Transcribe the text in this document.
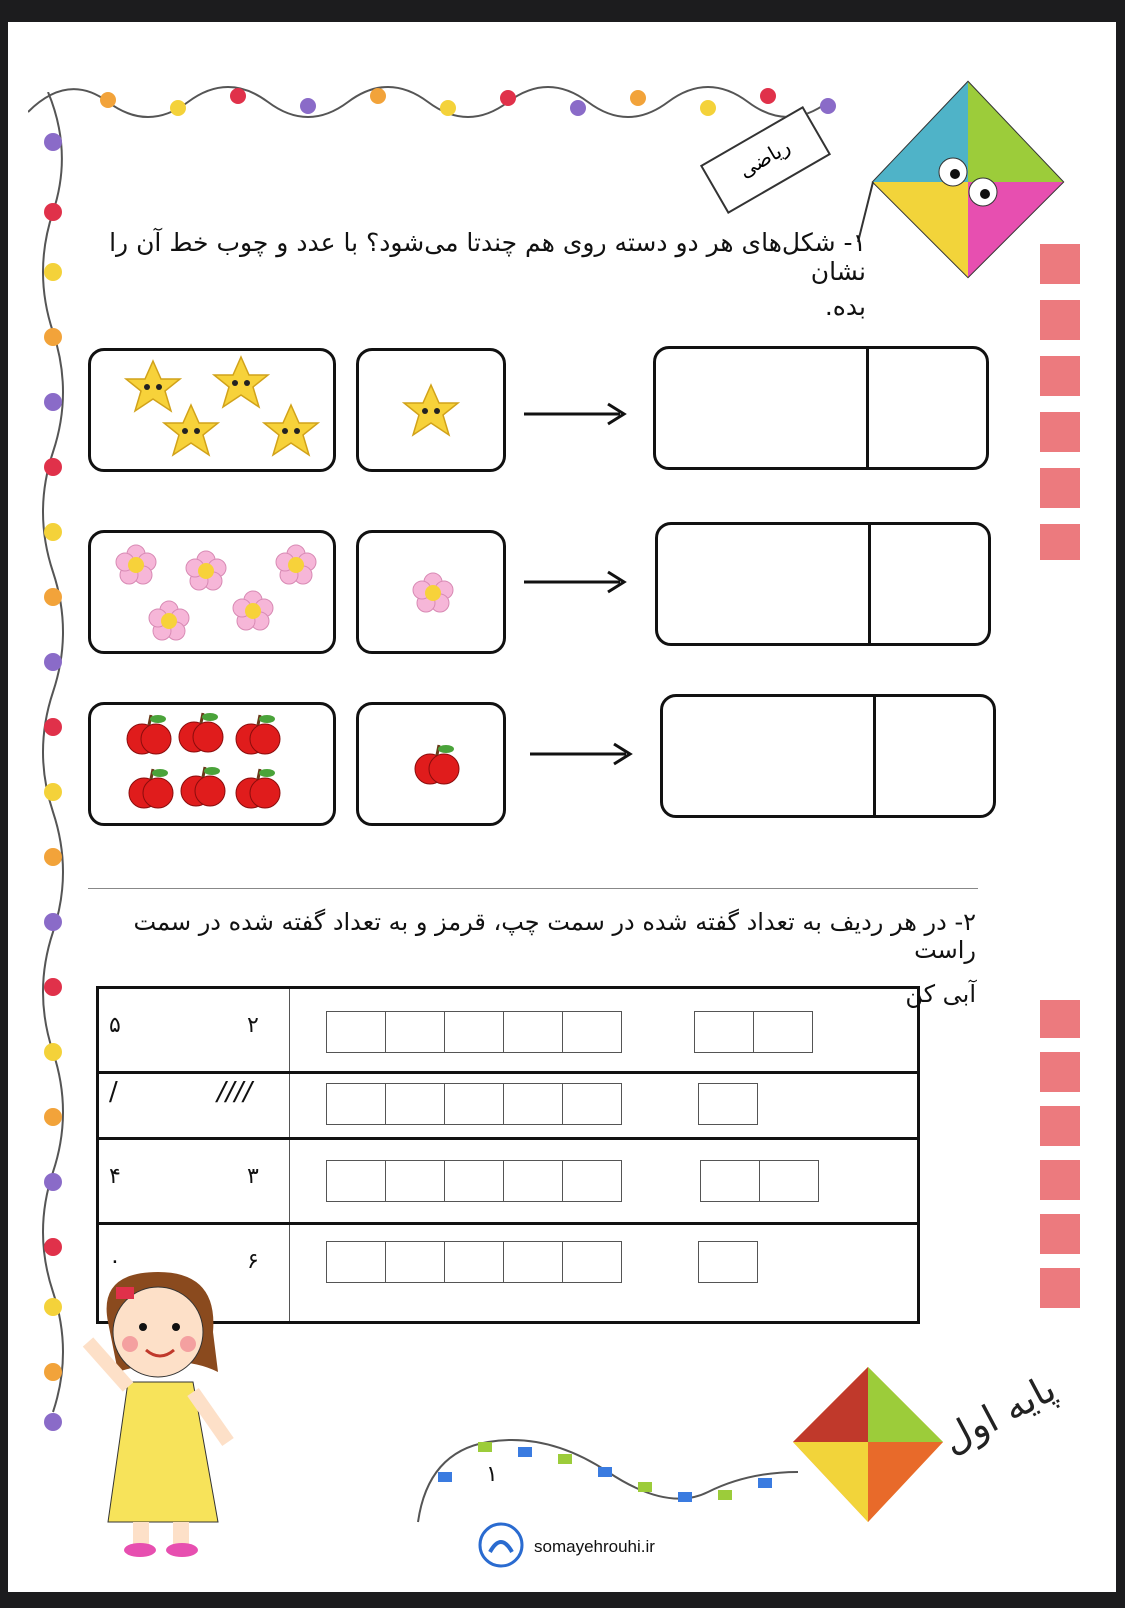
ریاضی
۱- شکل‌های هر دو دسته روی هم چندتا می‌شود؟ با عدد و چوب خط آن را نشان
بده.
۲- در هر ردیف به تعداد گفته شده در سمت چپ، قرمز و به تعداد گفته شده در سمت راست
آبی کن
۵	۲
/	////
۴	۳
۰	۶
پایه اول
۱
somayehrouhi.ir
